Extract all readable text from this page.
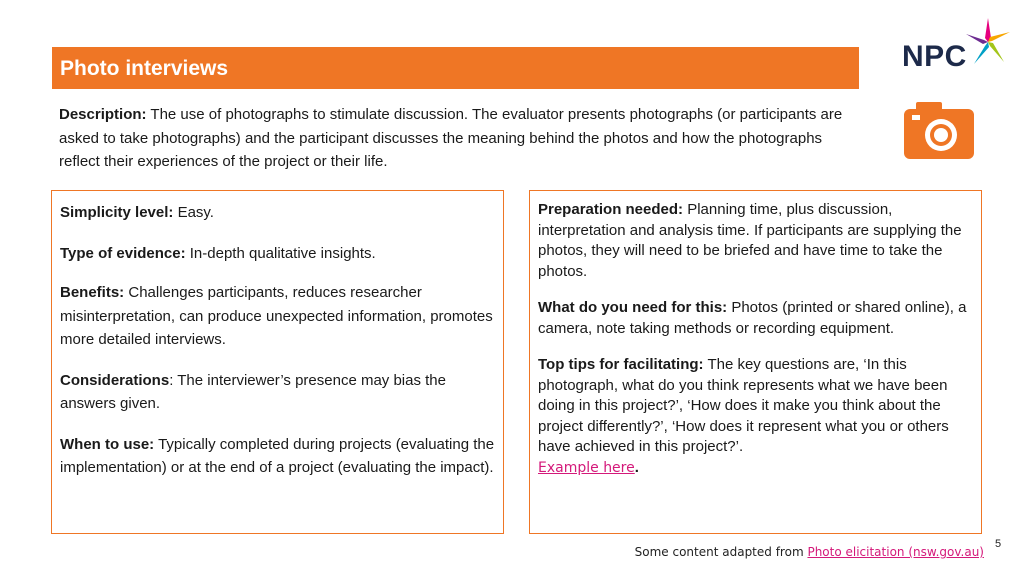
Photo interviews	NPC
Description: The use of photographs to stimulate discussion. The evaluator presents photographs (or participants are asked to take photographs) and the participant discusses the meaning behind the photos and how the photographs reflect their experiences of the project or their life.

Simplicity level: Easy.

Type of evidence: In-depth qualitative insights.

Benefits: Challenges participants, reduces researcher misinterpretation, can produce unexpected information, promotes more detailed interviews.

Considerations: The interviewer’s presence may bias the answers given.

When to use: Typically completed during projects (evaluating the implementation) or at the end of a project (evaluating the impact).

Preparation needed: Planning time, plus discussion, interpretation and analysis time. If participants are supplying the photos, they will need to be briefed and have time to take the photos.

What do you need for this: Photos (printed or shared online), a camera, note taking methods or recording equipment.

Top tips for facilitating: The key questions are, ‘In this photograph, what do you think represents what we have been doing in this project?’, ‘How does it make you think about the project differently?’, ‘How does it represent what you or others have achieved in this project?’.
Example here.

5
Some content adapted from Photo elicitation (nsw.gov.au)
